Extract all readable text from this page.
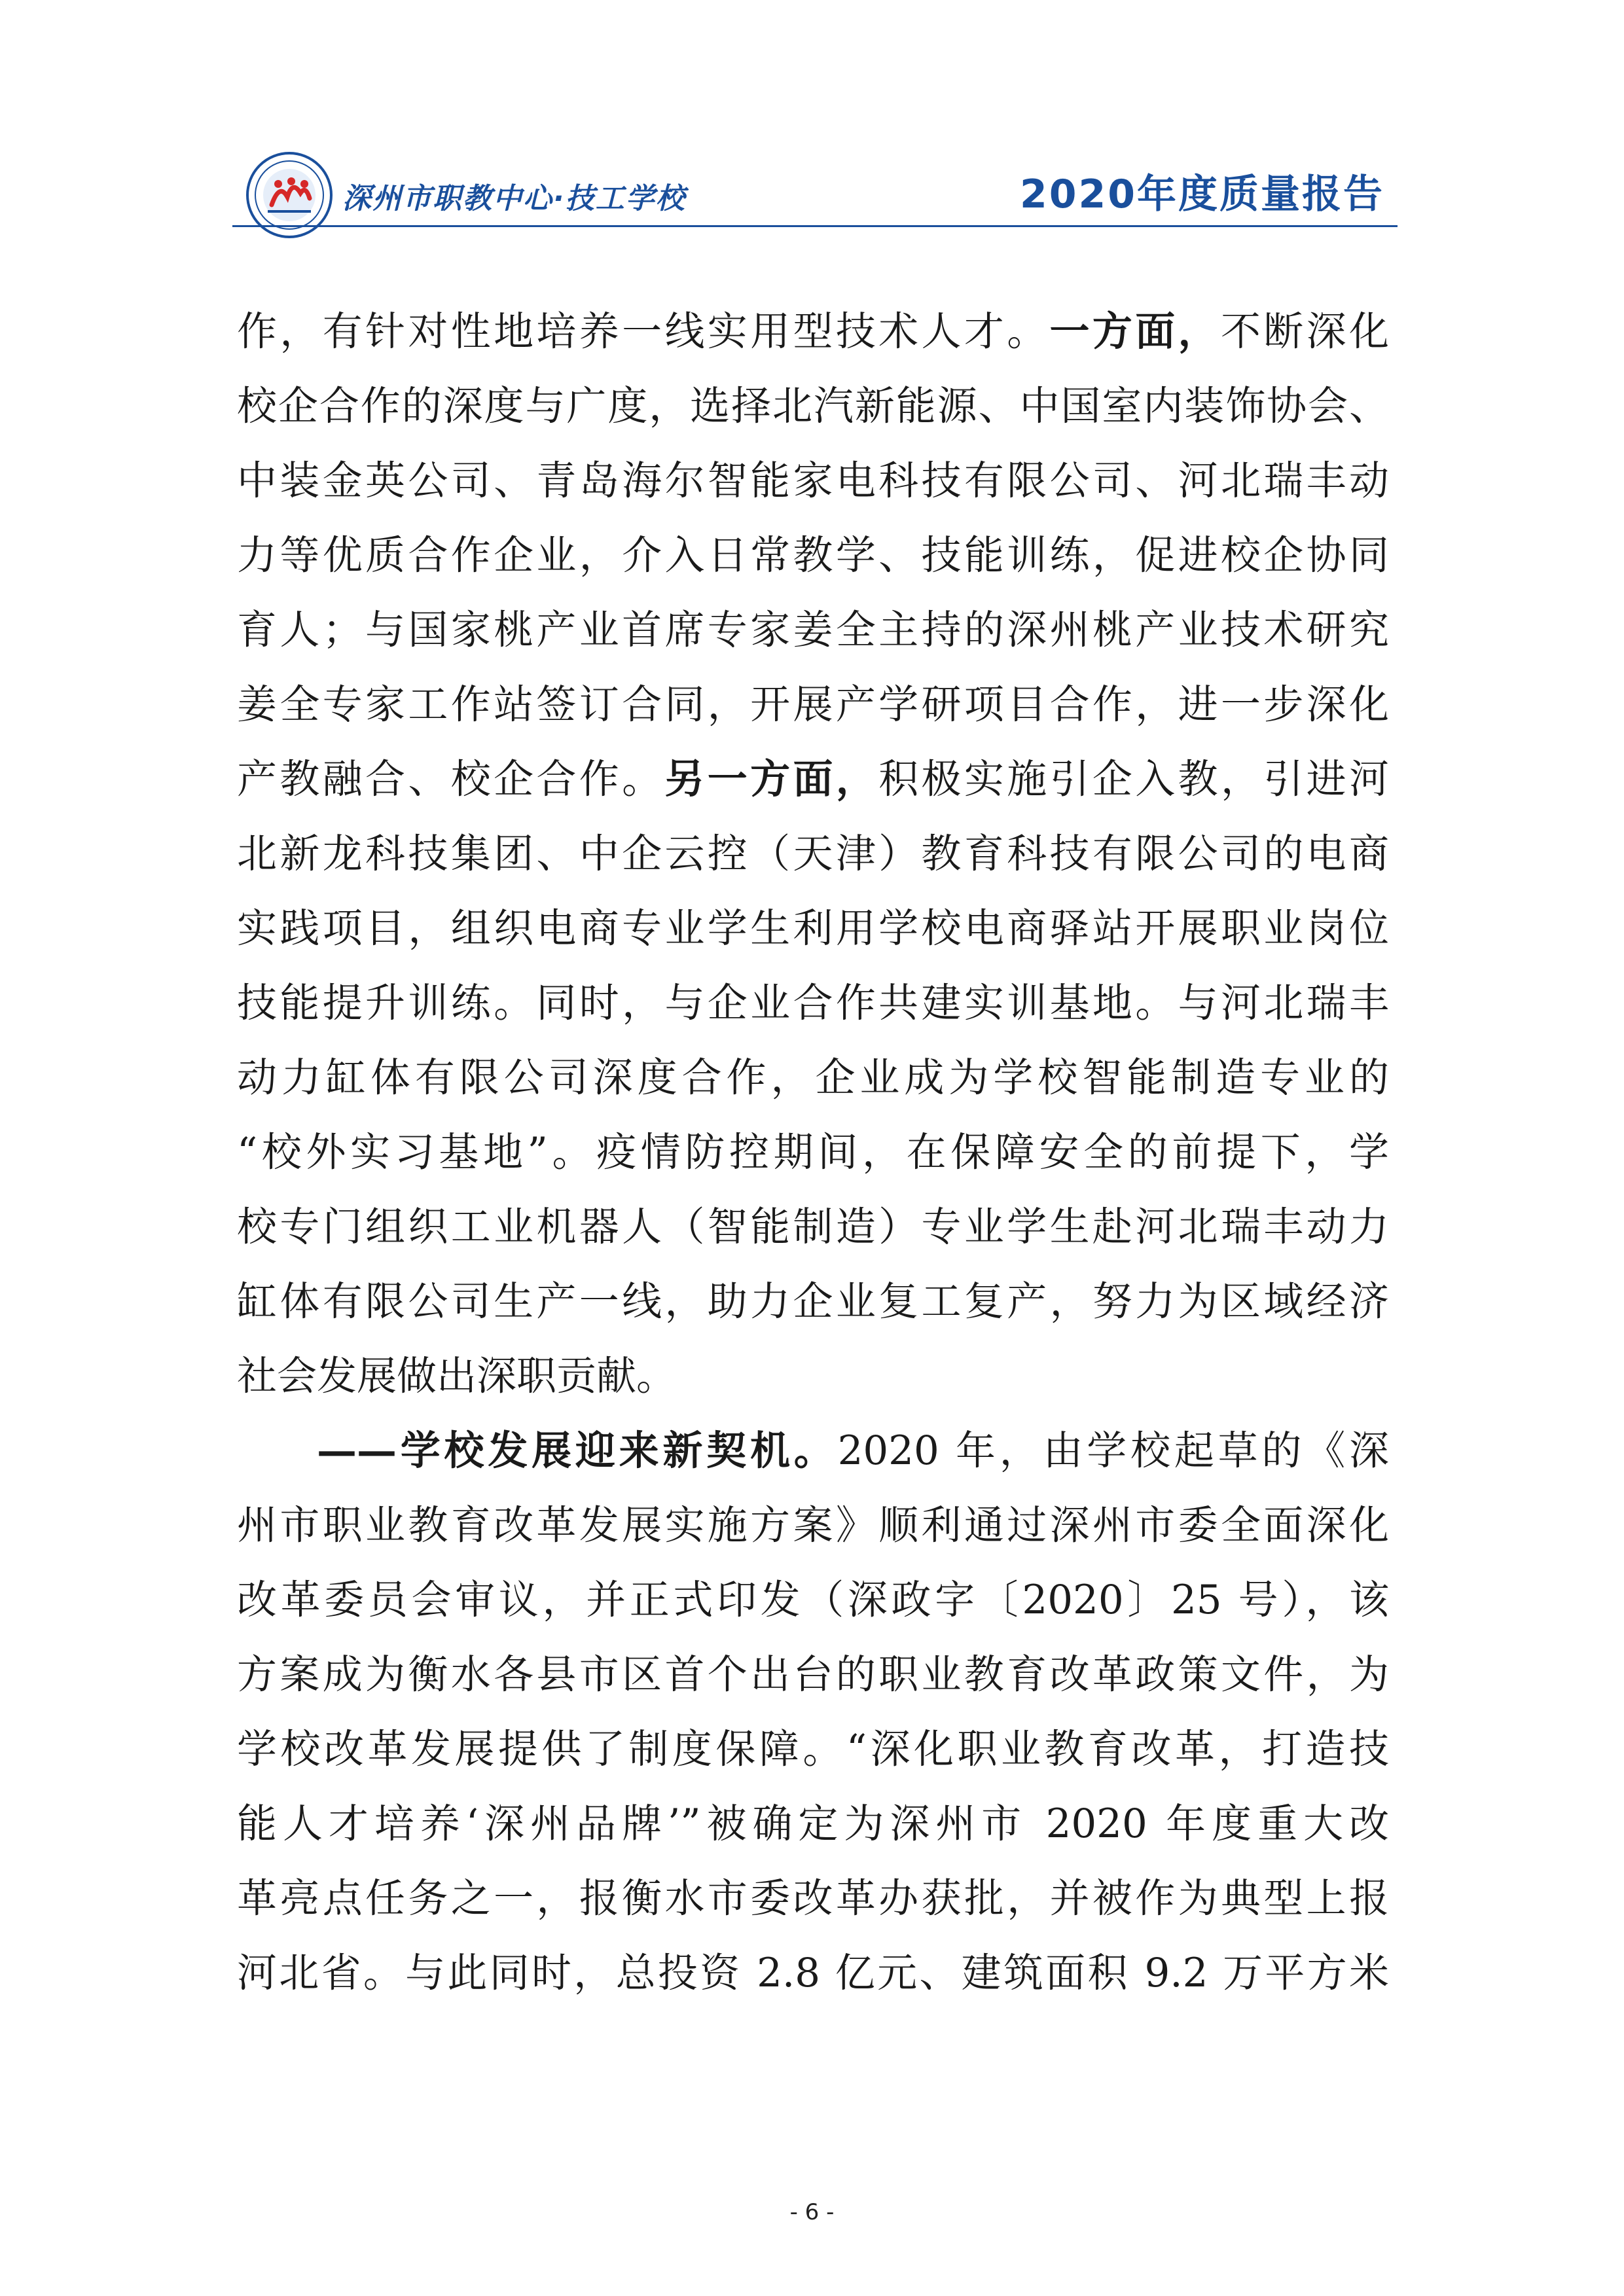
深州市职教中心·技工学校	2020年度质量报告
作，有针对性地培养一线实用型技术人才。一方面，不断深化
校企合作的深度与广度，选择北汽新能源、中国室内装饰协会、
中装金英公司、青岛海尔智能家电科技有限公司、河北瑞丰动
力等优质合作企业，介入日常教学、技能训练，促进校企协同
育人；与国家桃产业首席专家姜全主持的深州桃产业技术研究
姜全专家工作站签订合同，开展产学研项目合作，进一步深化
产教融合、校企合作。另一方面，积极实施引企入教，引进河
北新龙科技集团、中企云控（天津）教育科技有限公司的电商
实践项目，组织电商专业学生利用学校电商驿站开展职业岗位
技能提升训练。同时，与企业合作共建实训基地。与河北瑞丰
动力缸体有限公司深度合作，企业成为学校智能制造专业的
“校外实习基地”。疫情防控期间，在保障安全的前提下，学
校专门组织工业机器人（智能制造）专业学生赴河北瑞丰动力
缸体有限公司生产一线，助力企业复工复产，努力为区域经济
社会发展做出深职贡献。
——学校发展迎来新契机。2020 年，由学校起草的《深
州市职业教育改革发展实施方案》顺利通过深州市委全面深化
改革委员会审议，并正式印发（深政字〔2020〕25 号），该
方案成为衡水各县市区首个出台的职业教育改革政策文件，为
学校改革发展提供了制度保障。“深化职业教育改革，打造技
能人才培养‘深州品牌’”被确定为深州市 2020 年度重大改
革亮点任务之一，报衡水市委改革办获批，并被作为典型上报
河北省。与此同时，总投资 2.8 亿元、建筑面积 9.2 万平方米
- 6 -
